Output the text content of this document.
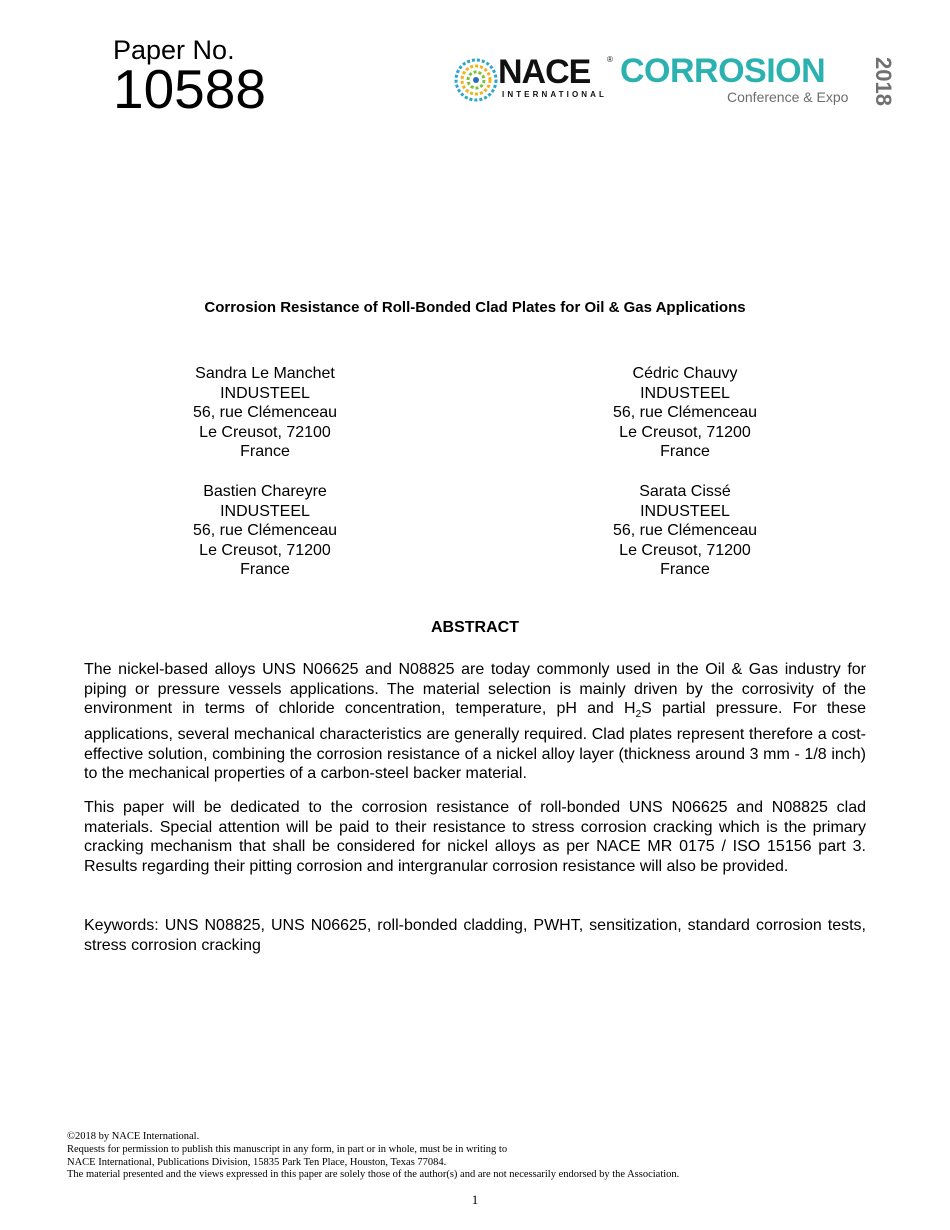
Paper No.
10588	NACE ®
INTERNATIONAL
CORROSION
Conference & Expo 2018
Corrosion Resistance of Roll-Bonded Clad Plates for Oil & Gas Applications
Sandra Le Manchet
INDUSTEEL
56, rue Clémenceau
Le Creusot, 72100
France
Cédric Chauvy
INDUSTEEL
56, rue Clémenceau
Le Creusot, 71200
France
Bastien Chareyre
INDUSTEEL
56, rue Clémenceau
Le Creusot, 71200
France
Sarata Cissé
INDUSTEEL
56, rue Clémenceau
Le Creusot, 71200
France
ABSTRACT

The nickel-based alloys UNS N06625 and N08825 are today commonly used in the Oil & Gas industry for piping or pressure vessels applications. The material selection is mainly driven by the corrosivity of the environment in terms of chloride concentration, temperature, pH and $H_2S$ partial pressure. For these applications, several mechanical characteristics are generally required. Clad plates represent therefore a cost-effective solution, combining the corrosion resistance of a nickel alloy layer (thickness around 3 mm - 1/8 inch) to the mechanical properties of a carbon-steel backer material.

This paper will be dedicated to the corrosion resistance of roll-bonded UNS N06625 and N08825 clad materials. Special attention will be paid to their resistance to stress corrosion cracking which is the primary cracking mechanism that shall be considered for nickel alloys as per NACE MR 0175 / ISO 15156 part 3. Results regarding their pitting corrosion and intergranular corrosion resistance will also be provided.

Keywords: UNS N08825, UNS N06625, roll-bonded cladding, PWHT, sensitization, standard corrosion tests, stress corrosion cracking

©2018 by NACE International.
Requests for permission to publish this manuscript in any form, in part or in whole, must be in writing to
NACE International, Publications Division, 15835 Park Ten Place, Houston, Texas 77084.
The material presented and the views expressed in this paper are solely those of the author(s) and are not necessarily endorsed by the Association.
1
